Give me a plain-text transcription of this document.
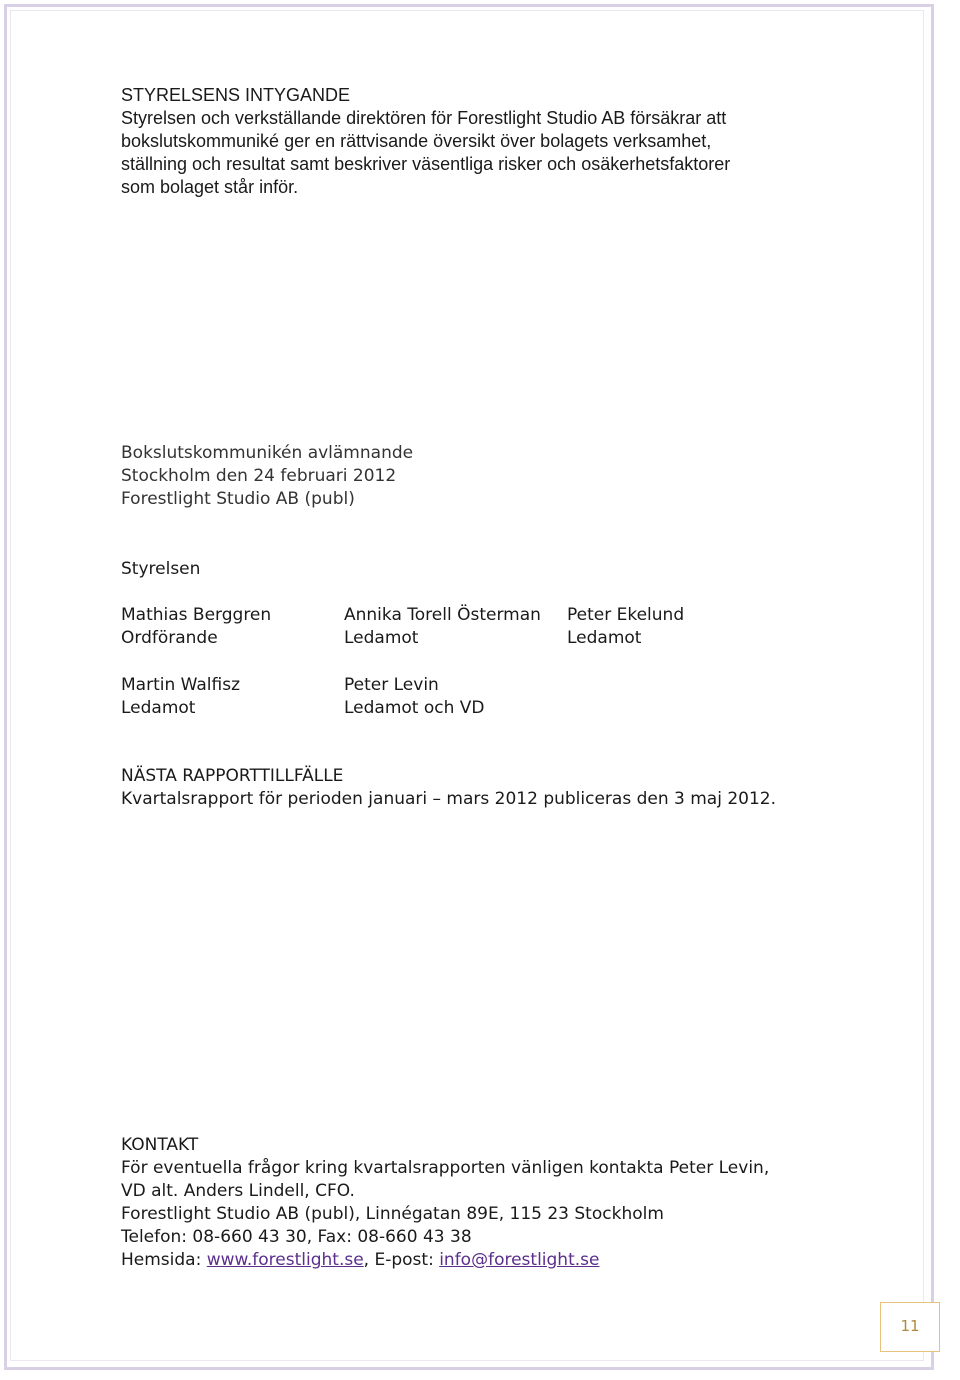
STYRELSENS INTYGANDE
Styrelsen och verkställande direktören för Forestlight Studio AB försäkrar att
bokslutskommuniké ger en rättvisande översikt över bolagets verksamhet,
ställning och resultat samt beskriver väsentliga risker och osäkerhetsfaktorer
som bolaget står inför.
Bokslutskommunikén avlämnande
Stockholm den 24 februari 2012
Forestlight Studio AB (publ)
Styrelsen
Mathias Berggren
Ordförande
Annika Torell Österman
Ledamot
Peter Ekelund
Ledamot
Martin Walfisz
Ledamot
Peter Levin
Ledamot och VD
NÄSTA RAPPORTTILLFÄLLE
Kvartalsrapport för perioden januari – mars 2012 publiceras den 3 maj 2012.
KONTAKT
För eventuella frågor kring kvartalsrapporten vänligen kontakta Peter Levin,
VD alt. Anders Lindell, CFO.
Forestlight Studio AB (publ), Linnégatan 89E, 115 23 Stockholm
Telefon: 08-660 43 30, Fax: 08-660 43 38
Hemsida: www.forestlight.se, E-post: info@forestlight.se
11
